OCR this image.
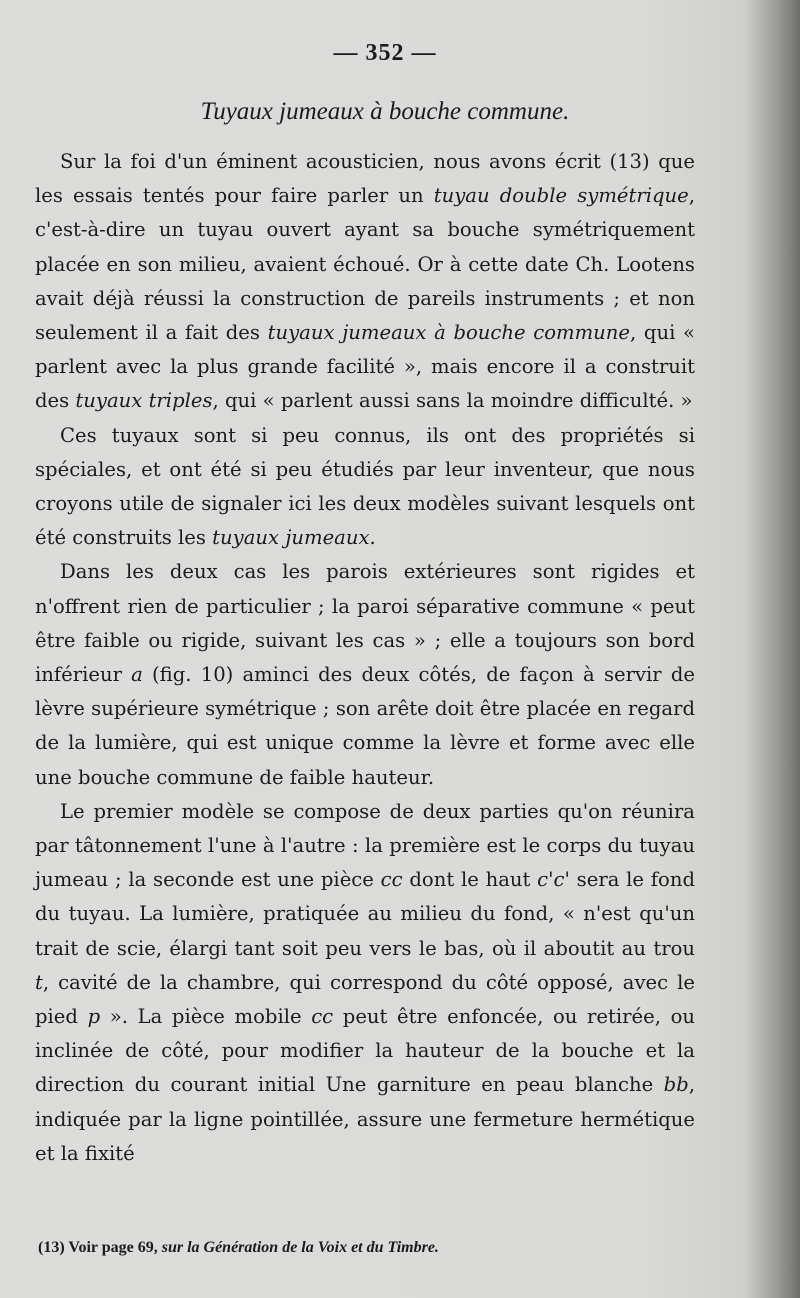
— 352 —
Tuyaux jumeaux à bouche commune.

Sur la foi d'un éminent acousticien, nous avons écrit (13) que les essais tentés pour faire parler un tuyau double symétrique, c'est-à-dire un tuyau ouvert ayant sa bouche symétriquement placée en son milieu, avaient échoué. Or à cette date Ch. Lootens avait déjà réussi la construction de pareils instruments ; et non seulement il a fait des tuyaux jumeaux à bouche commune, qui « parlent avec la plus grande facilité », mais encore il a construit des tuyaux triples, qui « parlent aussi sans la moindre difficulté. »

Ces tuyaux sont si peu connus, ils ont des propriétés si spéciales, et ont été si peu étudiés par leur inventeur, que nous croyons utile de signaler ici les deux modèles suivant lesquels ont été construits les tuyaux jumeaux.

Dans les deux cas les parois extérieures sont rigides et n'offrent rien de particulier ; la paroi séparative commune « peut être faible ou rigide, suivant les cas » ; elle a toujours son bord inférieur a (fig. 10) aminci des deux côtés, de façon à servir de lèvre supérieure symétrique ; son arête doit être placée en regard de la lumière, qui est unique comme la lèvre et forme avec elle une bouche commune de faible hauteur.

Le premier modèle se compose de deux parties qu'on réunira par tâtonnement l'une à l'autre : la première est le corps du tuyau jumeau ; la seconde est une pièce cc dont le haut c'c' sera le fond du tuyau. La lumière, pratiquée au milieu du fond, « n'est qu'un trait de scie, élargi tant soit peu vers le bas, où il aboutit au trou t, cavité de la chambre, qui correspond du côté opposé, avec le pied p ». La pièce mobile cc peut être enfoncée, ou retirée, ou inclinée de côté, pour modifier la hauteur de la bouche et la direction du courant initial Une garniture en peau blanche bb, indiquée par la ligne pointillée, assure une fermeture hermétique et la fixité

(13) Voir page 69, sur la Génération de la Voix et du Timbre.
